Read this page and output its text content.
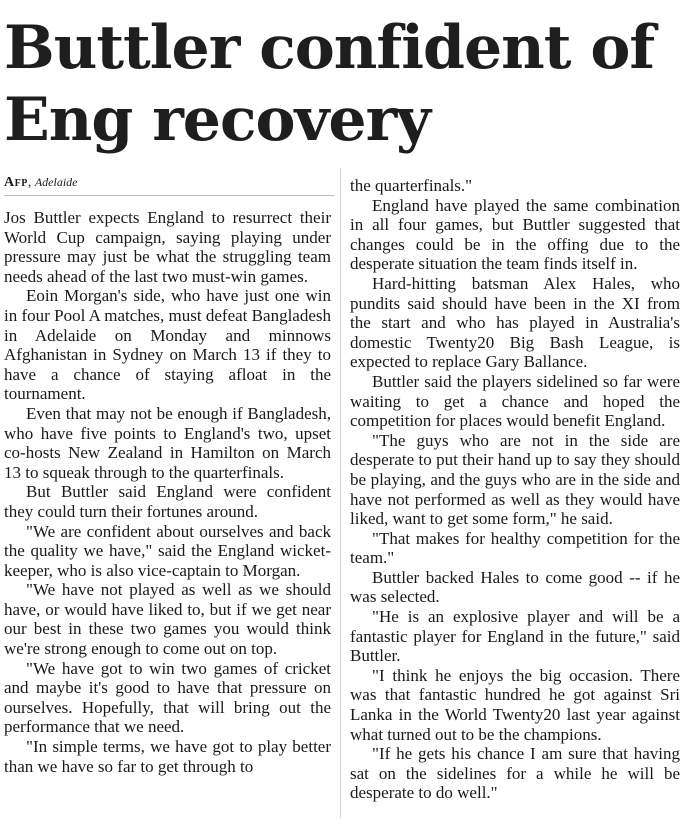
Buttler confident of Eng recovery
Afp, Adelaide

Jos Buttler expects England to resurrect their World Cup campaign, saying playing under pressure may just be what the struggling team needs ahead of the last two must-win games.

Eoin Morgan's side, who have just one win in four Pool A matches, must defeat Bangladesh in Adelaide on Monday and minnows Afghanistan in Sydney on March 13 if they to have a chance of staying afloat in the tournament.

Even that may not be enough if Bangladesh, who have five points to England's two, upset co-hosts New Zealand in Hamilton on March 13 to squeak through to the quarterfinals.

But Buttler said England were confident they could turn their fortunes around.

"We are confident about ourselves and back the quality we have," said the England wicket-keeper, who is also vice-captain to Morgan.

"We have not played as well as we should have, or would have liked to, but if we get near our best in these two games you would think we're strong enough to come out on top.

"We have got to win two games of cricket and maybe it's good to have that pressure on ourselves. Hopefully, that will bring out the performance that we need.

"In simple terms, we have got to play better than we have so far to get through to

the quarterfinals."

England have played the same combination in all four games, but Buttler suggested that changes could be in the offing due to the desperate situation the team finds itself in.

Hard-hitting batsman Alex Hales, who pundits said should have been in the XI from the start and who has played in Australia's domestic Twenty20 Big Bash League, is expected to replace Gary Ballance.

Buttler said the players sidelined so far were waiting to get a chance and hoped the competition for places would benefit England.

"The guys who are not in the side are desperate to put their hand up to say they should be playing, and the guys who are in the side and have not performed as well as they would have liked, want to get some form," he said.

"That makes for healthy competition for the team."

Buttler backed Hales to come good -- if he was selected.

"He is an explosive player and will be a fantastic player for England in the future," said Buttler.

"I think he enjoys the big occasion. There was that fantastic hundred he got against Sri Lanka in the World Twenty20 last year against what turned out to be the champions.

"If he gets his chance I am sure that having sat on the sidelines for a while he will be desperate to do well."
